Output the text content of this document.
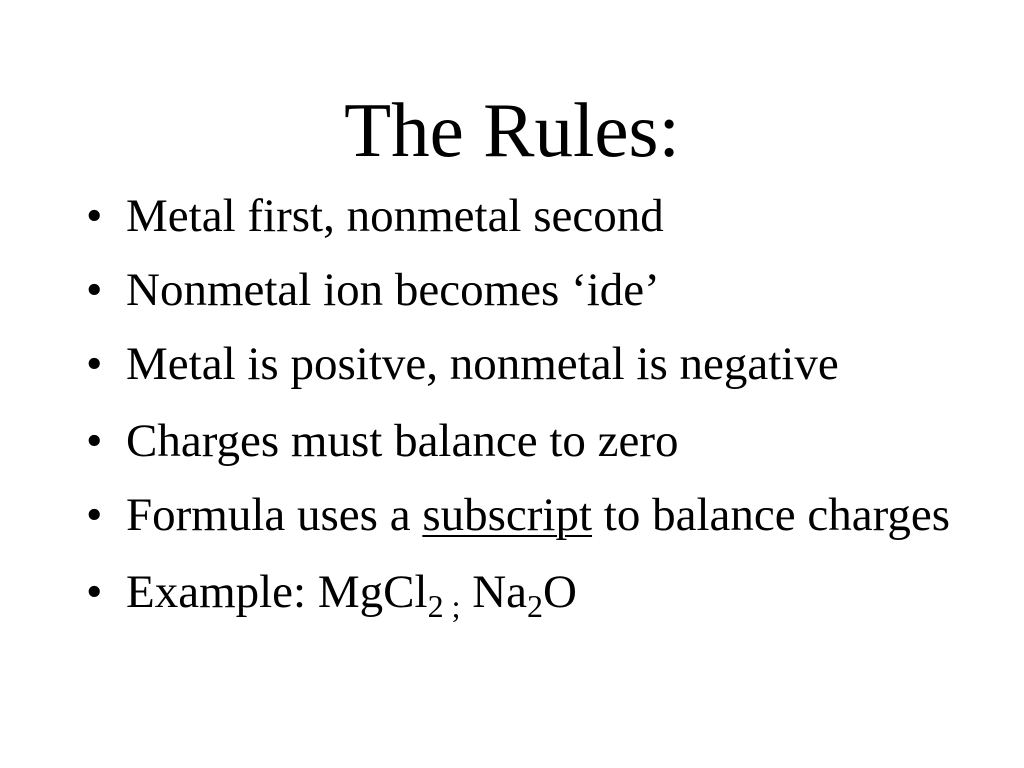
The Rules:
• Metal first, nonmetal second
• Nonmetal ion becomes ‘ide’
• Metal is positve, nonmetal is negative
• Charges must balance to zero
• Formula uses a subscript to balance charges
• Example: MgCl$_{2 ;}$ $Na_2O$
